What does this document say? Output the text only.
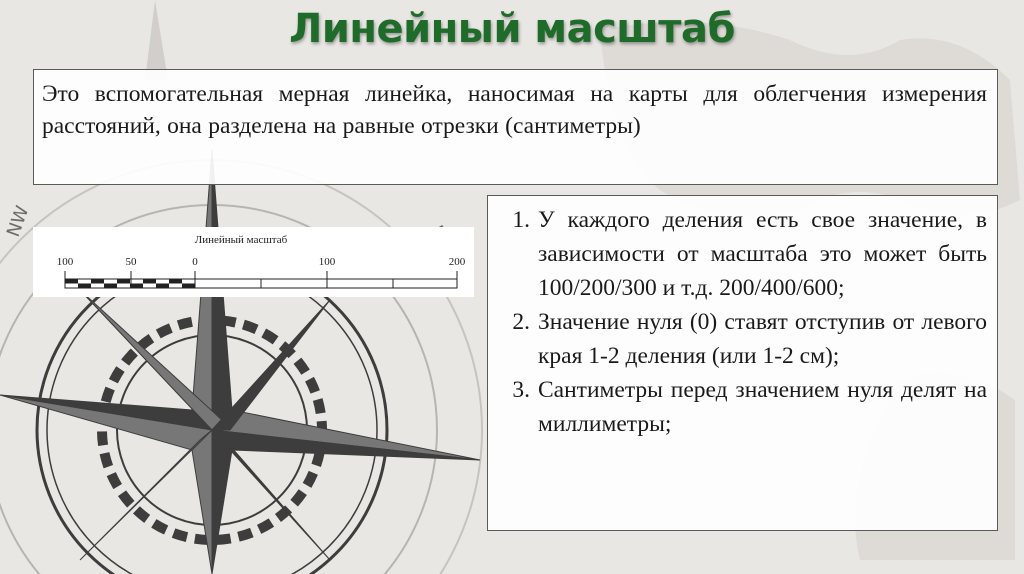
NW
Линейный масштаб
Это вспомогательная мерная линейка, наносимая на карты для облегчения измерения расстояний, она разделена на равные отрезки (сантиметры)
Линейный масштаб
100	50	0	100	200
1. У каждого деления есть свое значение, в зависимости от масштаба это может быть 100/200/300 и т.д. 200/400/600;
2. Значение нуля (0) ставят отступив от левого края 1-2 деления (или 1-2 см);
3. Сантиметры перед значением нуля делят на миллиметры;
